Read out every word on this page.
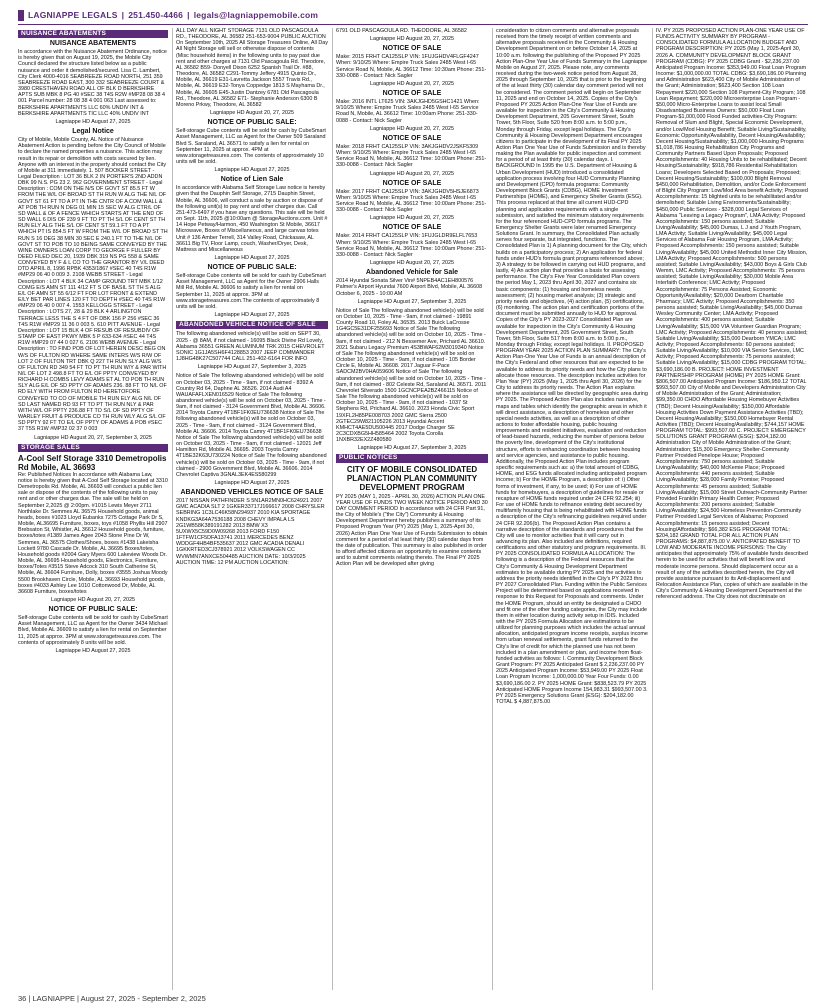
LAGNIAPPE LEGALS | 251.450-4466 | legals@lagniappemobile.com
NUISANCE ABATEMENTS
NUISANCE ABATEMENTS

In accordance with the Nuisance Abatement Ordinance, notice is hereby given that on August 19, 2025, the Mobile City Council declared the structure listed below as a public nuisance and order it demolished/secured. Lisa C. Lambert, City Clerk 4000-4016 SEABREEZE ROAD NORTH, 251 359 SEABREEZE ROAD EAST, 300 332 SEABREEZE COURT & 3980 CRESTHAVEN ROAD ALL OF BLK D BERKSHIRE APTS SUB MBK 8 PG 40 #SEC 38 T4S R2W #MP28 08 38 4 001 Parcel number: 28 08 38 4 001 063 Last assessed to: BERKSHIRE APARTMENTS LLC 60% UNDIV INT & BERKSHIRE APARTMENTS TIC LLC 40% UNDIV INT

Lagniappe HD August 27, 2025
Legal Notice

City of Mobile, Mobile County, AL Notice of Nuisance Abatement Action is pending before the City Council of Mobile to declare the named properties a nuisance. This action may result in its repair or demolition with costs secured by lien. Anyone with an interest in the property should contact the City of Mobile at 311 immediately. 1. 507 BOOKER STREET - Legal Description : LOT 36 BLK 2 IN PORTER'S 2ND ADDN DBK 99 N.S. PG 23 2. 962 GOVERNMENT STREET - Legal Description : COM ON THE N/S OF GOVT ST 85.5 FT W FROM THE W/L OF BROAD ST TH RUN W ALG THE N/L OF GOVT ST 61 FT TO A PT IN THE CNTR OF A COM WALL & AT POB TH RUN N DEG 01 MIN 15 SEC W ALG CTR/L OF SD WALL & OF A FENCE WHICH STARTS AT THE END OF SD WALL 6 DIS OF 239 9 FT TO PT TH S/L OF CENT ST TH RUN ELY ALG THE S/L OF CENT ST 59.1 FT TO A PT WHICH PT IS 854.5 FT W FROM THE W/L OF BROAD ST TH RUN S 16 DEG 38 MIN 30 SEC E 240.1 FT TO THE N/L OF GOVT ST TO POB TO 10 BEING SAME CONVEYED BY THE WINE OWNERS LOAN CORP TO GEORGE F FULLER BY DEED FILED DEC 20, 1939 DBK 319 NS PG 558 & SAME CONVEYED BY F & L CO TO THE GRANTOR BY V/L DEED DTD APRIL 8, 1996 RPBK 4353/1867 #SEC 40 T4S R1W #MP29 06 40 0 009 3. 2108 WEBB STREET - Legal Description : LOT 4 BLK 34 CAMP GROUND TRT MBK 1/12 COMG E/S AMN ST 111 4/12 FT S OF BASIL ST TH S ALG E/L OF AMN ST 55 6/12 FT FOR LOT FRONT & EXTEND E/LY BET PAR LINES 120 FT TO DEPTH #SEC 40 T4S R1W #MP29 06 40 0 007 4. 1553 KELLOGG STREET - Legal Description : LOTS 27, 28 & 29 BLK 4 ARLINGTON TERRACE LESS THE S 4 FT OF DBK 156 P 256 #SEC 36 T4S R1W #MP29 11 36 0 003 5. 610 PITT AVENUE - Legal Description : LOT 15 BLK 4 OF RESUB OF RESUBDIV OF STAMP OF EAST PKWY MBK 5 P 633-634 #SEC 44 T4S R1W #MP29 07 44 0 027 6. 2106 WEBB AVENUE - Legal Description : TO FIND POB OF LOT HEREIN DESC BEG ON W/S OF FULTON RD WHERE SAME INTERS W/S R/W OF LOT 2 OF FULTON TRT DBK Q 227 TH RUN SLY ALG W/S OF FULTON RD 349 54 FT TO PT TH RUN W/Y & PAR WITH N/L OF LOT 2 498.8 FT TO E/L OF PPTY CONVEYED BY RICHARD H COMBS LEVY ADAMS ET AL TO POB TH RUN SLY ALG E/L OF SD PPTY OF ADAMS 236. 88 FT TO N/L OF RD ELY WITH FROM FULTON RD HERETOFORE CONVEYED TO CO OF MOBILE TH RUN ELY ALG N/L OF SD LAST NAMED RD 93 FT TO PT TH RUN NLY & PAR WITH W/L OF PPTY 236.88 FT TO S/L OF SD PPTY OF WARLEY FRUIT & PRODUCE CO TH RUN WLY ALG S/L OF SD PPTY 92 FT TO E/L OF PPTY OF ADAMS & POB #SEC 37 T5S R1W #MP32 02 37 0 003

Lagniappe HD August 20, 27, September 3, 2025
STORAGE SALES
A-Cool Self Storage 3310 Demetropolis Rd Mobile, AL 36693

Re: Published Notices In accordance with Alabama Law, notice is hereby given that A-Cool Self Storage located at 3310 Demetropolis Rd. Mobile, AL 36693 will conduct a public lien sale or dispose of the contents of the following units to pay rent and or other charges due. The sale will be held on September 2,2025 @ 2:00pm. #1015 Lewis Meyer 2711 Northlake Dr. Semmes AL 36575 Household goods, animal heads, boxes #1023 Lloyd Eubanks 7275 Cottage Park Dr S, Mobile, AL36695 Furniture, boxes, toys #1058 Phyllis Hill 2907 Brebsaton St, Whistler, AL 36612 Household goods, furniture, boxes/totes #1389 James Agee 2043 Stone Pine Dr W, Semmes, AL 36575 Clothes/Shoes, boxes #1438 Lakeisha Lockett 9780 Cascade Dr. Mobile, AL 36695 Boxes/totes, Household goods #2004 Gary Myers 600 Lakeview Woods Dr. Mobile, AL 36695 Household goods, Electronics, Furniture, boxes/Totes #3515 Steve Adcock 310 South Catherine St, Mobile, AL 36604 Furniture, Dolly, boxes #3555 Joshua Moody 5500 Brookhaven Circle, Mobile, AL 36693 Household goods, boxes #4033 Ashley Lee 1010 Cottonwood Dr, Mobile, AL 36608 Furniture, boxes/totes

Lagniappe HD August 20, 27, 2025
NOTICE OF PUBLIC SALE:

Self-storage Cube contents will be sold for cash by CubeSmart Asset Management, LLC as Agent for the Owner 3434 Michael Blvd, Mobile AL 36609 to satisfy a lien for rental on September 11, 2025 at approx. 3PM at www.storagetreasures.com. The contents of approximately 8 units will be sold.

Lagniappe HD August 27, 2025

ALL DAY ALL NIGHT STORAGE 7131 OLD PASCAGOULA RD., THEODORE, AL 36582 251-653-9004 PUBLIC AUCTION On September 10th, 2025 All Storage Treasures Online, All Day All Night Storage will sell or otherwise dispose of contents (Misc household items) in the following units to pay past due rent and other charges at 7131 Old Pascagoula Rd. Theodore, AL 36582 B59- Donyell Dixon 6252 Spanish Trail Dr. #88, Theodore, AL 36582 C291-Tommy Jeffery 4915 Quinto Dr., Mobile, AL 36619 E31-Lavretta Jackson 5557 Travis Rd., Mobile, AL 36619 E32-Tonya Coppedge 1813 S Mayhama Dr., Mobile, AL 36605 E45-Justin Dantzey 6781 Old Pascagoula Rd., Theodore, AL 36582 E71- Stephanie Anderson 6300 B Moreno Prkwy, Theodore, AL 36582

Lagniappe HD August 20, 27, 2025
NOTICE OF PUBLIC SALE:

Self-storage Cube contents will be sold for cash by CubeSmart Asset Management, LLC as Agent for the Owner 509 Saraland Blvd S. Saraland, AL 36571 to satisfy a lien for rental on September 11, 2025 at approx. 4PM at www.storagetreasures.com. The contents of approximately 10 units will be sold.

Lagniappe HD August 27, 2025
Notice of Lien Sale

In accordance with Alabama Self Storage Law notice is hereby given that the Dauphin Self Storage, 2715 Dauphin Street, Mobile, AL 36606, will conduct a sale by auction or dispose of the following unit(s) to pay rent and other charges due. Call 251-473-6497 if you have any questions. This sale will be held on Sept. 11th, 2025 @10:00am @ StorageAuctions.com. Unit # 14 Hope Petway/Harmon, 450 Washington St Mobile, 36617 Microwave, Boxes of Miscellaneous, and large canvas totes Unit # 136 Amber Terrell, 314 Valley Road, Chickasaw, AL 36611 Big TV, Floor Lamp, couch, Washer/Dryer, Desk, Mattress and Miscellaneous

Lagniappe HD August 27, 2025
NOTICE OF PUBLIC SALE:

Self-storage Cube contents will be sold for cash by CubeSmart Asset Management, LLC as Agent for the Owner 2906 Halls Mill Rd, Mobile AL 36606 to satisfy a lien for rental on September 11, 2025 at approx. 3PM at www.storagetreasures.com.The contents of approximately 8 units will be sold.

Lagniappe HD August 27, 2025
ABANDONED VEHICLE NOTICE OF SALE

The following abandoned vehicle(s) will be sold on SEPT 30, 2025 - @ 8AM, if not claimed - 16095 Black Divine Rd Lovely, Alabama 36551 GREEN ALUMINUM TRK 2015 CHEVROLET SONIC 1G1JA5SH6F4128853 2007 JEEP COMMANDER 1J8HG48K27C507744 CALL 251-402-6164 FOR INFO

Lagniappe HD August 27, September 3, 2025

Notice of Sale The following abandoned vehicle(s) will be sold on October 03, 2025 - Time - 9am, if not claimed - 8392 A Country Rd 64, Daphne AL 36526. 2014 Audi A4 WAUAFAFLXEN016529 Notice of Sale The following abandoned vehicle(s) will be sold on October 03, 2025 - Time - 9am, if not claimed - 3124 Government Blvd, Mobile AL 36606. 2014 Toyota Camry 4T1BF1FK0EU736638 Notice of Sale The following abandoned vehicle(s) will be sold on October 03, 2025 - Time - 9am, if not claimed - 3124 Government Blvd, Mobile AL 36606. 2014 Toyota Camry 4T1BF1FK0EU736638 Notice of Sale The following abandoned vehicle(s) will be sold on October 03, 2025 - Time - 9am, if not claimed - 12021 Jeff Hamilton Rd, Mobile AL 36695. 2003 Toyota Camry 4T1BE32K63U730224 Notice of Sale The following abandoned vehicle(s) will be sold on October 03, 2025 - Time - 9am, if not claimed - 2900 Government Blvd, Mobile AL 36606. 2014 Chevrolet Captiva 3GNAL3EK4ES580299

Lagniappe HD August 27, 2025
ABANDONED VEHICLES NOTICE OF SALE

2017 NISSAN PATHFINDER S 5N1AR2MN0HC624921 2007 GMC ACADIA SLT 2 1GKER33717J166617 2008 CHRYSLER SEBRING 1C3LC46K58N294937 2010 KIA SPORTAGE KNDKG3A64A7536188 2008 CHEVY IMPALA LS 2G1WB58K389191282 2013 BMW X3 5UXWX5C59D0W09268 2013 FORD F150 1FTFW1CF5DFA13741 2011 MERCEDES BENZ WDDGF4HB4BF535637 2012 GMC ACADIA DENALI 1GKKRTED3CJ378921 2012 VOLKSWAGEN CC WVWMN7ANXCE504485 AUCTION DATE: 10/3/2025 AUCTION TIME: 12 PM AUCTION LOCATION:

6791 OLD PASCAGOULA RD. THEODORE, AL 36582

Lagniappe HD August 20, 27, 2025
NOTICE OF SALE

Make: 2015 FRHT CA125SLP VIN: 1FUJGHDV4FLGF4247 When: 9/10/25 Where: Empire Truck Sales 2485 West I-65 Service Road N, Mobile, AL 36612 Time: 10:30am Phone: 251-330-0088 - Contact: Nick Sagler

Lagniappe HD August 20, 27, 2025
NOTICE OF SALE

Make: 2016 INTL LT625 VIN: 3AKJGHD5GSHC1421 When: 9/10/25 Where: Empire Truck Sales 2485 West I-65 Service Road N, Mobile, AL 36612 Time: 10:00am Phone: 251-330-0088 - Contact: Nick Sagler

Lagniappe HD August 20, 27, 2025
NOTICE OF SALE

Make: 2018 FRHT CA125SLP VIN: 3AKJGHDV2JSKF5309 When: 9/10/25 Where: Empire Truck Sales 2485 West I-65 Service Road N, Mobile, AL 36612 Time: 10:00am Phone: 251-330-0088 - Contact: Nick Sagler

Lagniappe HD August 20, 27, 2025
NOTICE OF SALE

Make: 2017 FRHT CA125SLP VIN: 3AKJGHDV5HSJE6873 When: 9/10/25 Where: Empire Truck Sales 2485 West I-65 Service Road N, Mobile, AL 36612 Time: 10:00am Phone: 251-330-0088 - Contact: Nick Sagler

Lagniappe HD August 20, 27, 2025
NOTICE OF SALE

Make: 2014 FRHT CA125SLP VIN: 1FUJGLDR9ELFL7653 When: 9/10/25 Where: Empire Truck Sales 2485 West I-65 Service Road N, Mobile, AL 36612 Time: 10:00am Phone: 251-330-0088 - Contact: Nick Sagler

Lagniappe HD August 20, 27, 2025
Abandoned Vehicle for Sale

2014 Hyundai Sonata Silver Vin# 5NPEB4AC1EH800576 Palmer's Airport Hyundai 7600 Airport Blvd, Mobile, AL 36608 October 6, 2025 - 10:00 AM

Lagniappe HD August 27, September 3, 2025

Notice of Sale The following abandoned vehicle(s) will be sold on October 10, 2025 - Time - 9am, if not claimed - 19891 County Road 10, Foley AL 36535. 2013 Buick LaCrosse 1G4GC5E31DF255693 Notice of Sale The following abandoned vehicle(s) will be sold on October 10, 2025 - Time - 9am, if not claimed - 212 N Bessemer Ave, Prichard AL 36610. 2021 Subaru Legacy Premium 4S3BWAF62M3019340 Notice of Sale The following abandoned vehicle(s) will be sold on October 10, 2025 - Time - 9am, if not claimed - 105 Border Circle E, Mobile AL 36608. 2017 Jaguar F-Pace SADCM2BV0HA059606 Notice of Sale The following abandoned vehicle(s) will be sold on October 10, 2025 - Time - 9am, if not claimed - 802 Celeste Rd, Saraland AL 36571. 2011 Chevrolet Silverado 1500 1GCNCPEA2BZ466115 Notice of Sale The following abandoned vehicle(s) will be sold on October 10, 2025 - Time - 9am, if not claimed - 1037 St Stephens Rd, Prichard AL 36610. 2023 Honda Civic Sport 19XFL2H85PE008703 2002 GMC Sierra 2500 2GTEC29W821105226 2013 Hyundai Accent KMHCT4AE5DU500445 2017 Dodge Charger SE 2C3CDXBG5HH585464 2002 Toyota Corolla 1NXBR32EX2Z480580

Lagniappe HD August 27, September 3, 2025
PUBLIC NOTICES
CITY OF MOBILE CONSOLIDATED PLAN/ACTION PLAN COMMUNITY DEVELOPMENT PROGRAM

PY 2025 (MAY 1, 2025 - APRIL 30, 2026) ACTION PLAN ONE YEAR USE OF FUNDS TWO WEEK NOTICE PERIOD AND 30 DAY COMMENT PERIOD In accordance with 24 CFR Part 91, the City of Mobile's ("the City") Community & Housing Development Department hereby publishes a summary of its Proposed Program Year (PY) 2025 (May 1, 2025-April 30, 2026) Action Plan One Year Use of Funds Submission to obtain comment for a period of at least thirty (30) calendar days from the date of publication. This summary is also published in order to afford affected citizens an opportunity to examine contents and to submit comments relating thereto. The Final PY 2025 Action Plan will be developed after giving

consideration to citizen comments and alternative proposals received from the timely receipt of written comments and alternative proposals received in the Community & Housing Development Department on or before October 14, 2025 at 10:00 a.m. following the publishing of the Proposed PY 2025 Action Plan-One Year Use of Funds Summary in the Lagniappe Mobile on August 27, 2025. Please note, any comments received during the two-week notice period from August 28, 2025 through September 10, 2025 that is prior to the beginning of the at least thirty (30) calendar day comment period will not be considered. The comment period will begin on September 11, 2025 and end on October 14, 2025. Copies of the City's Proposed PY 2025 Action Plan-One Year Use of Funds are available for inspection in the City's Community & Housing Development Department, 205 Government Street, South Tower, 5th Floor, Suite 520 from 8:00 a.m. to 5:00 p.m., Monday through Friday, except legal holidays. The City's Community & Housing Development Department encourages citizens to participate in the development of its Final PY 2025 Action Plan One Year Use of Funds Submission and is thereby making the Plan available for public inspection and comment for a period of at least thirty (30) calendar days. I. BACKGROUND In 1995 the U.S. Department of Housing & Urban Development (HUD) introduced a consolidated application process involving four HUD Community Planning and Development (CPD) formula programs: Community Development Block Grants (CDBG), HOME Investment Partnerships (HOME), and Emergency Shelter Grants (ESG). This process replaced at that time all current HUD-CPD planning and application requirements with a single submission, and satisfied the minimum statutory requirements for the four referenced HUD-CPD formula programs. The Emergency Shelter Grants were later renamed Emergency Solutions Grant. In summary, the Consolidated Plan actually serves four separate, but integrated, functions. The Consolidated Plan is 1) A planning document for the City, which builds on a participatory process; 2) An application for federal funds under HUD's formula grant programs referenced above; 3) A strategy to be followed in carrying out HUD programs, and lastly, 4) An action plan that provides a basis for assessing performance. The City's Five Year Consolidated Plan covers the period May 1, 2023 thru April 30, 2027 and contains six basic components: (1) housing and homeless needs assessment; (2) housing market analysis; (3) strategic and priority needs and objectives, (4) action plan, (5) certifications, (6) monitoring. The action plan and certification portions of the document must be submitted annually to HUD for approval. Copies of the City's PY 2023-2027 Consolidated Plan are available for inspection in the City's Community & Housing Development Department, 205 Government Street, South Tower, 5th Floor, Suite 517 from 8:00 a.m. to 5:00 p.m., Monday through Friday, except legal holidays. II. PROPOSED PROGRAM YEAR 2025 ACTION PLAN SUMMARY: The City's Action Plan-One Year Use of Funds is an annual description of the City's Federal and other resources that are expected to be available to address its priority needs and how the City plans to allocate those resources. The description includes activities for Plan Year (PY) 2025 (May 1, 2025 thru April 30, 2026) for the City to address its priority needs. The Action Plan explains where the assistance will be directed by geographic area during PY 2025. The Proposed Action Plan also includes narrative, maps and tables which identify the geographic areas in which it will direct assistance, a description of homeless and other special needs activities, as well as a description of other actions to foster affordable housing, public housing improvements and resident initiatives, evaluation and reduction of lead-based hazards, reducing the number of persons below the poverty line, development of the City's institutional structure, efforts to enhancing coordination between housing and service agencies, and assistance to public housing. Additionally, the Proposed Action Plan includes program specific requirements such as: a) the total amount of CDBG, HOME, and ESG funds allocated including anticipated program income; b) For the HOME Program, a description of: i) Other forms of investment, if any, to be used; ii) For use of HOME funds for homebuyers, a description of guidelines for resale or recapture of HOME funds required under 24 CFR 92.254; iii) For use of HOME funds to refinance existing debt secured by multifamily housing that is being rehabilitated with HOME funds a description of the City's refinancing guidelines required under 24 CFR 92.206(b). The Proposed Action Plan contains a narrative description of the standards and procedures that the City will use to monitor activities that it will carry out in advancing its plan. Also included are definitions, required certifications and other statutory and program requirements. III. PY 2025 CONSOLIDATED FORMULA ALLOCATION: The following is a description of the Federal resources that the City's Community & Housing Development Department estimates to be available during PY 2025 and the activities to address the priority needs identified in the City's PY 2023 thru PY 2027 Consolidated Plan. Funding within the Public Services Project will be determined based on applications received in response to this Request for Proposals and comments. Under the HOME Program, should an entity be designated a CHDO and fit one of the other funding categories, the City may include them in either location during activity setup in IDIS. Included with the PY 2025 Formula Allocation are estimations to be utilized for planning purposes which includes the actual annual allocation, anticipated program income receipts, surplus income from urban renewal settlements, grant funds returned to the City's line of credit for which the planned use has not been included in a plan amendment or plan, and income from float-funded activities as follows: I. Community Development Block Grant Program: PY 2025 Anticipated Grant $ 2,236,237.00 PY 2025 Anticipated Program Income: $53,949.00 PY 2025 Float Loan Program Income: 1,000,000.00 Year Four Funds: 0.00 $3,690,186.00 2. PY 2025 HOME Grant: $838,523.79 PY 2025 Anticipated HOME Program Income 154,983.31 $993,507.00 3. PY 2025 Emergency Solutions Grant (ESG): $204,182.00 TOTAL $ 4,887,875.00

IV. PY 2025 PROPOSED ACTION PLAN-ONE YEAR USE OF FUNDS ACTIVITY SUMMARY BY PROGRAM -CONSOLIDATED FORMULA ALLOCATION BUDGET AND PROGRAM DESCRIPTION: PY 2025 (May 1, 2025-April 30, 2026 A. COMMUNITY DEVELOPMENT BLOCK GRANT PROGRAM (CDBG): PY 2025 CDBG Grant - $2,236,237.00 Anticipated Program Income: $353,949.00 Float Loan Program Income: $1,000,000.00 TOTAL CDBG: $3,690,186.00 Planning and Administration $623,400 City of Mobile Administration of the Grant; Administration; $623,400 Section 108 Loan Repayment $220,000 Section 108 Payment-City Program; 108 Loan Repayment; $220,000 Microenterprise Loan Program - $50,000 Micro-Enterprise Loans to assist local Small Disadvantaged Business Owners: $50,000 Float Loan Program-$1,000,000 Flood Funded activities-City Program: Removal of Slum and Blight, Special Economic Development, and/or Low/Mod Housing Benefit; Suitable Living/Sustainability, Economic Opportunity/Availability, Decent Housing/Availability; Decent Housing/Sustainability; $1,000,000 Housing Programs $1,018,786 Housing Rehabilitation City Programs and Community Partners Based Upon Proposals; Proposed Accomplishments: 40 Housing Units to be rehabilitated; Decent Housing/Sustainability; $918,786 Residential Rehabilitation Loans; Developers Selected Based on Proposals; Proposed; Decent Housing/Sustainability; $100,000 Blight Removal $450,000 Rehabilitation, Demolition, and/or Code Enforcement of Blight City Program: Low/Mod Area benefit Activity; Proposed Accomplishments: 15 blighted units to be rehabilitated and/or demolished; Suitable Living Environments/Sustainability; $450,000 Public Services - $328,000 Legal Services of Alabama "Leaving a Legacy Program", LMA Activity; Proposed Accomplishments: 150 persons assisted; Suitable Living/Availability; $45,000 Dumas, L J and J Youth Program, LMA Activity; Suitable Living/Availability; $45,000 Legal Services of Alabama Fair Housing Program, LMA Activity; Proposed Accomplishments: 150 persons assisted; Suitable Living/Availability; $45,000 United Methodist Inner City Mission, LMA Activity; Proposed Accomplishments: 500 persons assisted; Suitable Living/Availability; $43,000 Boys & Girls Club Wemm, LMC Activity; Proposed Accomplishments: 75 persons assisted; Suitable Living/Availability; $30,000 Mobile Area Interfaith Conference; LMC Activity; Proposed Accomplishments: 75 Persons Assisted; Economic Opportunity/Availability; $20,000 Dearborn Charitable Pharmacy; LMC Activity; Proposed Accomplishments: 350 persons assisted; Suitable Living/Availability; $45,000 Dumas Wesley Community Center; LMA Activity; Proposed Accomplishments: 400 persons assisted; Suitable Living/Availability; $15,000 VIA Volunteer Guardian Program; LMC Activity; Proposed Accomplishments: 40 persons assisted; Suitable Living/Availability; $15,000 Dearborn YMCA; LMC Activity; Proposed Accomplishments: 60 persons assisted; Suitable Living/Availability; $10,000 VIA Senior Services, LMC Activity; Proposed Accomplishments: 75 persons assisted; Suitable Living/Availability; $15,000 CDBG PROGRAM TOTAL: $3,690,186.00 B. PROJECT: HOME INVESTMENT PARTNERSHIP PROGRAM (HOME) PY 2025 HOME Grant: $806,507.00 Anticipated Program Income: $186,959.12 TOTAL $993,507.00 City of Mobile and Developers Administration City of Mobile Administration of the Grant; Administration; $99,350.00 CHDO Affordable Housing Homebuyer Activities (TBD); Decent Housing/Availability; $150,000 Affordable Housing Activities Down Payment Assistance Activities (TBD); Decent Housing/Availability; $150,000 Homebuyer Rental Activities (TBD); Decent Housing/Availability; $744,157 HOME PROGRAM TOTAL: $993,507.00 C. PROJECT: EMERGENCY SOLUTIONS GRANT PROGRAM (ESG): $204,182.00 Administration City of Mobile Administration of the Grant; Administration; $15,300 Emergency Shelter-Community Partner Provided Penelope House; Proposed Accomplishments: 750 persons assisted; Suitable Living/Availability; $40,000 McKemie Place; Proposed Accomplishments: 440 persons assisted; Suitable Living/Availability; $28,000 Family Promise; Proposed Accomplishments: 45 persons assisted; Suitable Living/Availability; $15,000 Street Outreach-Community Partner Provided Franklin Primary Health Center; Proposed Accomplishments: 200 persons assisted; Suitable Living/Availability; $24,500 Homeless Prevention-Community Partner Provided Legal Services of Alabama; Proposed Accomplishments: 15 persons assisted; Decent Housing/Affordability; $66,382 ESG PROGRAM TOTAL: $204,182 GRAND TOTAL FOR ALL ACTION PLAN PROGRAMS: $4,887,875.00 V. ANTICIPATED BENEFIT TO LOW AND MODERATE INCOME PERSONS: The City anticipates that approximately 75% of available funds described herein to be used for activities that will benefit low and moderate income persons. Should displacement occur as a result of any of the activities described herein, the City will provide assistance pursuant to its Anti-displacement and Relocation Assistance Plan, copies of which are available in the City's Community & Housing Development Department at the referenced address. The City does not discriminate on

36 | LAGNIAPPE | August 27, 2025 - September 2, 2025
